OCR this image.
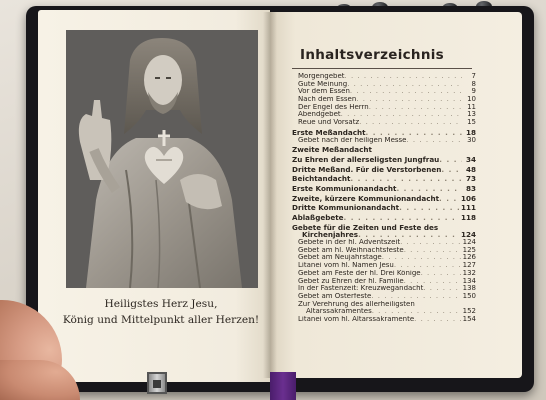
Heiligstes Herz Jesu,
König und Mittelpunkt aller Herzen!
Inhaltsverzeichnis
Morgengebet . . .	7
Gute Meinung . . .	8
Vor dem Essen . . .	9
Nach dem Essen . . .	10
Der Engel des Herrn . . .	11
Abendgebet . . .	13
Reue und Vorsatz . . .	15
Erste Meßandacht . . .	18
Gebet nach der heiligen Messe . . .	30
Zweite Meßandacht
Zu Ehren der allerseligsten Jungfrau . . .	34
Dritte Meßand. Für die Verstorbenen . . .	48
Beichtandacht . . .	73
Erste Kommunionandacht . . .	83
Zweite, kürzere Kommunionandacht . . .	106
Dritte Kommunionandacht . . .	111
Ablaßgebete . . .	118
Gebete für die Zeiten und Feste des
Kirchenjahres . . .	124
Gebete in der hl. Adventszeit . . .	124
Gebet am hl. Weihnachtsfeste . . .	125
Gebet am Neujahrstage . . .	126
Litanei vom hl. Namen Jesu . . .	127
Gebet am Feste der hl. Drei Könige . . .	132
Gebet zu Ehren der hl. Familie . . .	134
In der Fastenzeit: Kreuzwegandacht . . .	138
Gebet am Osterfeste . . .	150
Zur Verehrung des allerheiligsten
Altarssakramentes . . .	152
Litanei vom hl. Altarssakramente . . .	154
